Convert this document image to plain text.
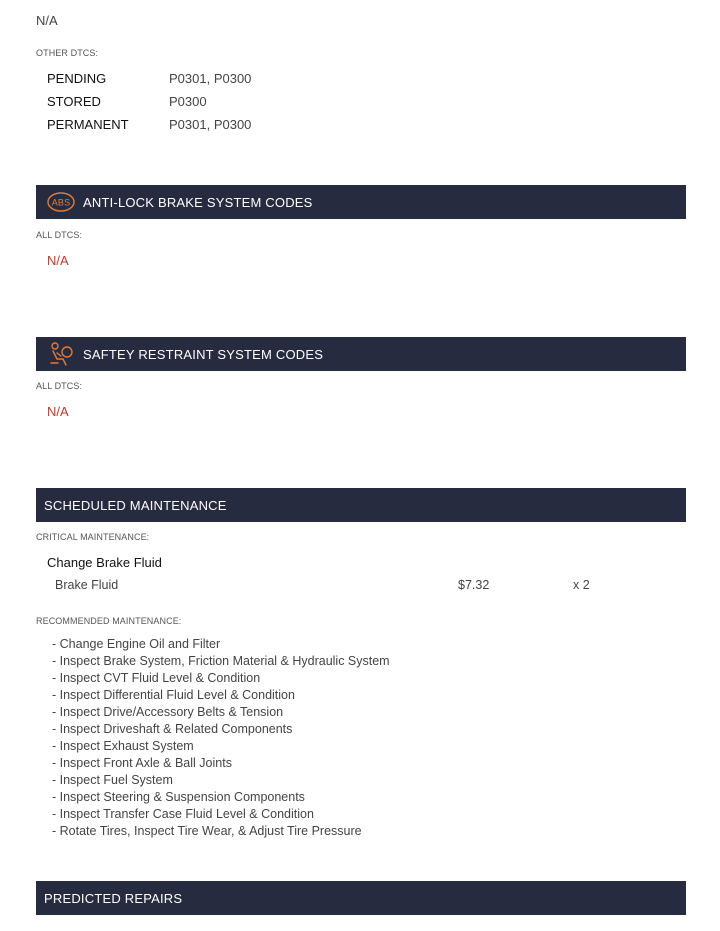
N/A
OTHER DTCS:
PENDING	P0301, P0300
STORED	P0300
PERMANENT	P0301, P0300
ABS ANTI-LOCK BRAKE SYSTEM CODES
ALL DTCS:
N/A
SAFTEY RESTRAINT SYSTEM CODES
ALL DTCS:
N/A
SCHEDULED MAINTENANCE
CRITICAL MAINTENANCE:
Change Brake Fluid
Brake Fluid	$7.32	x 2
RECOMMENDED MAINTENANCE:
- Change Engine Oil and Filter
- Inspect Brake System, Friction Material & Hydraulic System
- Inspect CVT Fluid Level & Condition
- Inspect Differential Fluid Level & Condition
- Inspect Drive/Accessory Belts & Tension
- Inspect Driveshaft & Related Components
- Inspect Exhaust System
- Inspect Front Axle & Ball Joints
- Inspect Fuel System
- Inspect Steering & Suspension Components
- Inspect Transfer Case Fluid Level & Condition
- Rotate Tires, Inspect Tire Wear, & Adjust Tire Pressure
PREDICTED REPAIRS
